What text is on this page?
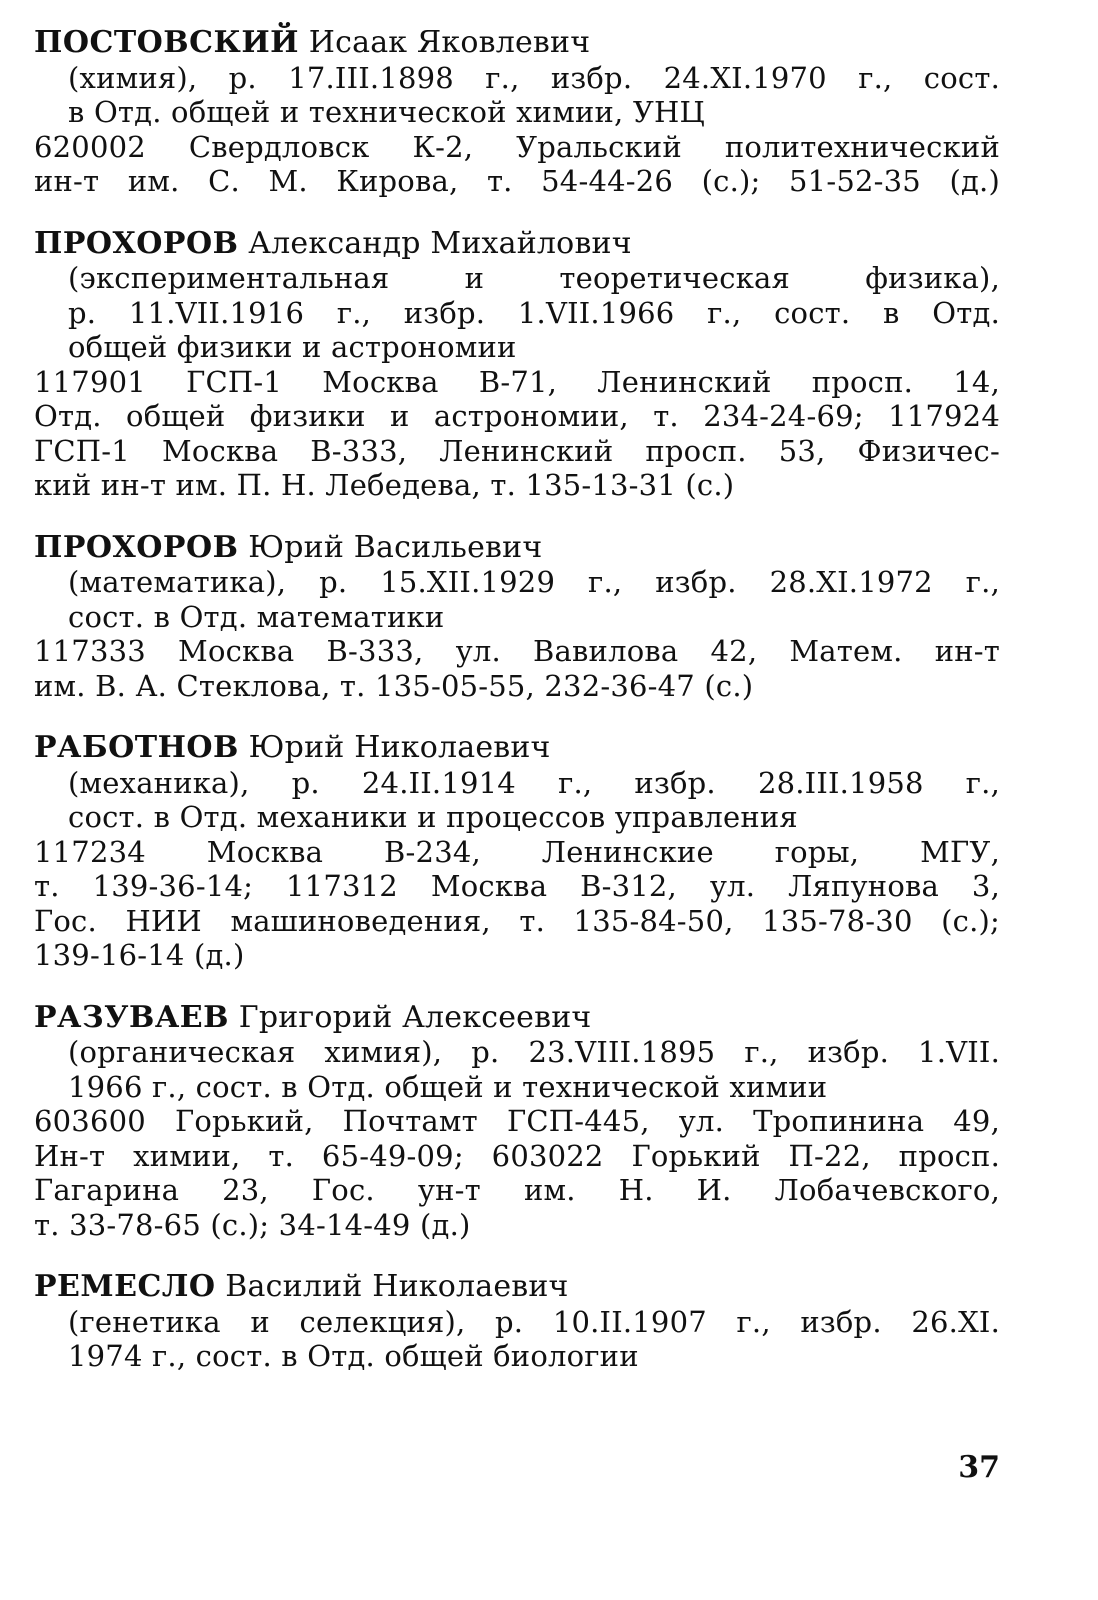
ПОСТОВСКИЙ Исаак Яковлевич
(химия), р. 17.III.1898 г., избр. 24.XI.1970 г., сост.
в Отд. общей и технической химии, УНЦ
620002 Свердловск К-2, Уральский политехнический
ин-т им. С. М. Кирова, т. 54-44-26 (с.); 51-52-35 (д.)
ПРОХОРОВ Александр Михайлович
(экспериментальная и теоретическая физика),
р. 11.VII.1916 г., избр. 1.VII.1966 г., сост. в Отд.
общей физики и астрономии
117901 ГСП-1 Москва В-71, Ленинский просп. 14,
Отд. общей физики и астрономии, т. 234-24-69; 117924
ГСП-1 Москва В-333, Ленинский просп. 53, Физичес-
кий ин-т им. П. Н. Лебедева, т. 135-13-31 (с.)
ПРОХОРОВ Юрий Васильевич
(математика), р. 15.XII.1929 г., избр. 28.XI.1972 г.,
сост. в Отд. математики
117333 Москва В-333, ул. Вавилова 42, Матем. ин-т
им. В. А. Стеклова, т. 135-05-55, 232-36-47 (с.)
РАБОТНОВ Юрий Николаевич
(механика), р. 24.II.1914 г., избр. 28.III.1958 г.,
сост. в Отд. механики и процессов управления
117234 Москва В-234, Ленинские горы, МГУ,
т. 139-36-14; 117312 Москва В-312, ул. Ляпунова 3,
Гос. НИИ машиноведения, т. 135-84-50, 135-78-30 (с.);
139-16-14 (д.)
РАЗУВАЕВ Григорий Алексеевич
(органическая химия), р. 23.VIII.1895 г., избр. 1.VII.
1966 г., сост. в Отд. общей и технической химии
603600 Горький, Почтамт ГСП-445, ул. Тропинина 49,
Ин-т химии, т. 65-49-09; 603022 Горький П-22, просп.
Гагарина 23, Гос. ун-т им. Н. И. Лобачевского,
т. 33-78-65 (с.); 34-14-49 (д.)
РЕМЕСЛО Василий Николаевич
(генетика и селекция), р. 10.II.1907 г., избр. 26.XI.
1974 г., сост. в Отд. общей биологии
37
